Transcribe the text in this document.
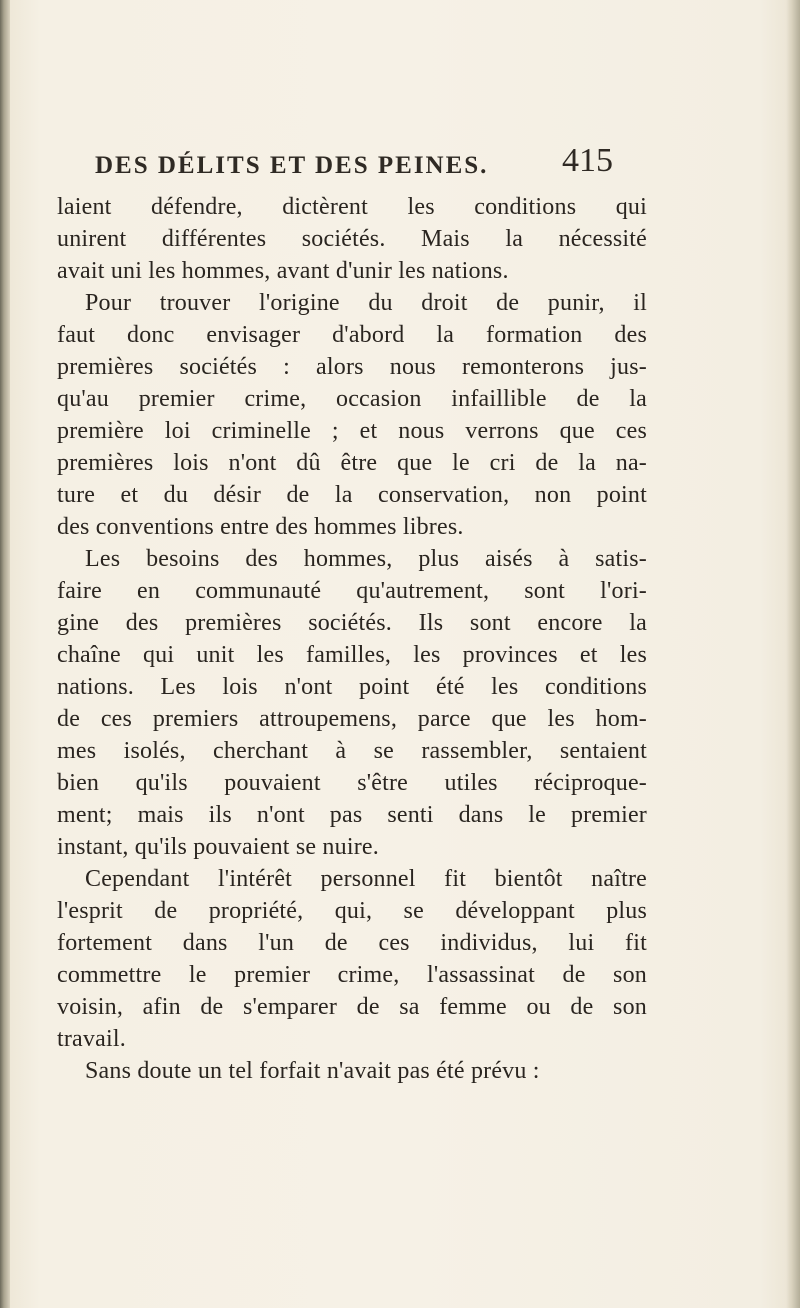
DES DÉLITS ET DES PEINES. 415
laient défendre, dictèrent les conditions qui
unirent différentes sociétés. Mais la nécessité
avait uni les hommes, avant d'unir les nations.
Pour trouver l'origine du droit de punir, il
faut donc envisager d'abord la formation des
premières sociétés : alors nous remonterons jus-
qu'au premier crime, occasion infaillible de la
première loi criminelle ; et nous verrons que ces
premières lois n'ont dû être que le cri de la na-
ture et du désir de la conservation, non point
des conventions entre des hommes libres.
Les besoins des hommes, plus aisés à satis-
faire en communauté qu'autrement, sont l'ori-
gine des premières sociétés. Ils sont encore la
chaîne qui unit les familles, les provinces et les
nations. Les lois n'ont point été les conditions
de ces premiers attroupemens, parce que les hom-
mes isolés, cherchant à se rassembler, sentaient
bien qu'ils pouvaient s'être utiles réciproque-
ment; mais ils n'ont pas senti dans le premier
instant, qu'ils pouvaient se nuire.
Cependant l'intérêt personnel fit bientôt naître
l'esprit de propriété, qui, se développant plus
fortement dans l'un de ces individus, lui fit
commettre le premier crime, l'assassinat de son
voisin, afin de s'emparer de sa femme ou de son
travail.
Sans doute un tel forfait n'avait pas été prévu :
